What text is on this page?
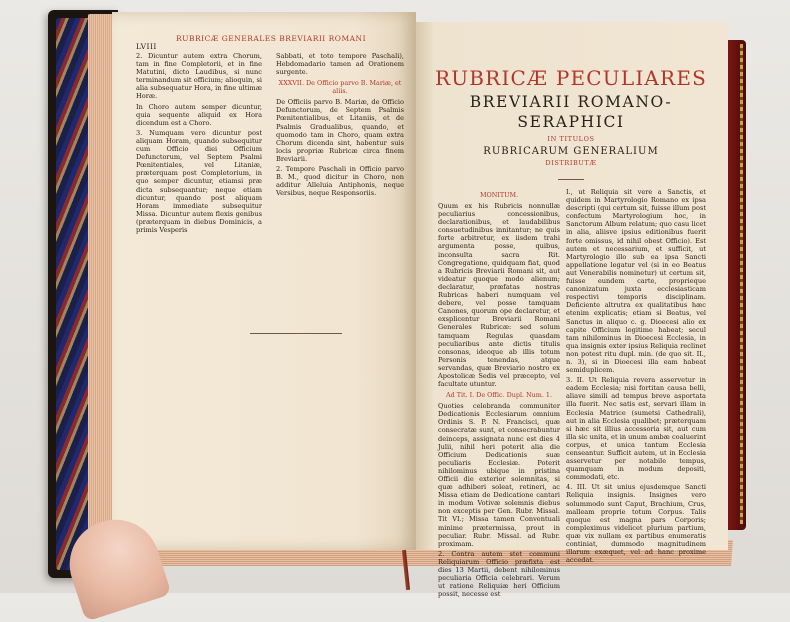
LVIII
RUBRICÆ GENERALES BREVIARII ROMANI
2. Dicuntur autem extra Chorum, tam in fine Completorii, et in fine Matutini, dicto Laudibus, si nunc terminandum sit officium; alioquin, si alia subsequatur Hora, in fine ultimæ Horæ.
In Choro autem semper dicuntur, quia sequente aliquid ex Hora dicendum est a Choro.
3. Numquam vero dicuntur post aliquam Horam, quando subsequitur cum Officio diei Officium Defunctorum, vel Septem Psalmi Pœnitentiales, vel Litaniæ, præterquam post Completorium, in quo semper dicuntur, etiamsi præ dicta subsequantur; neque etiam dicuntur, quando post aliquam Horam immediate subsequitur Missa. Dicuntur autem flexis genibus (præterquam in diebus Dominicis, a primis Vesperis
Sabbati, et toto tempore Paschali), Hebdomadario tamen ad Orationem surgente.
XXXVII. De Officio parvo B. Mariæ, et aliis.
De Officiis parvo B. Mariæ, de Officio Defunctorum, de Septem Psalmis Pœnitentialibus, et Litaniis, et de Psalmis Gradualibus, quando, et quomodo tam in Choro, quam extra Chorum dicenda sint, habentur suis locis propriæ Rubricæ circa finem Breviarii.
2. Tempore Paschali in Officio parvo B. M., quod dicitur in Choro, non additur Alleluia Antiphonis, neque Versibus, neque Responsoriis.
RUBRICÆ PECULIARES
BREVIARII ROMANO-SERAPHICI
IN TITULOS
RUBRICARUM GENERALIUM
DISTRIBUTÆ
MONITUM.
Quum ex his Rubricis nonnullæ peculiarius concessionibus, declarationibus, et laudabilibus consuetudinibus innitantur; ne quis forte arbitretur, ex iisdem trahi argumenta posse, quibus, inconsulta sacra Rit. Congregatione, quidquam fiat, quod a Rubricis Breviarii Romani sit, aut videatur quoque modo alienum; declaratur, præfatas nostras Rubricas haberi numquam vel debere, vel posse tamquam Canones, quorum ope declaretur, et exsplicentur Breviarii Romani Generales Rubricæ: sed solum tamquam Regulas quasdam peculiaribus ante dictis titulis consonas, ideoque ab illis totum Personis tenendas, atque servandas, quæ Breviario nostro ex Apostolicæ Sedis vel præcepto, vel facultate utuntur.
Ad Tit. I. De Offic. Dupl. Num. 1.
Quoties celebranda communiter Dedicationis Ecclesiarum omnium Ordinis S. P. N. Francisci, quæ consecratæ sunt, et consecrabuntur deinceps, assignata nunc est dies 4 Julii, nihil heri poterit alia die Officium Dedicationis suæ peculiaris Ecclesiæ. Poterit nihilominus ubique in pristina Officii die exterior solemnitas, si quæ adhiberi soleat, retineri, ac Missa etiam de Dedicatione cantari in modum Votivæ solemnis diebus non exceptis per Gen. Rubr. Missal. Tit VI.; Missa tamen Conventuali minime prætermissa, prout in peculiar. Rubr. Missal. ad Rubr. proximam.
2. Contra autem stet communi Reliquiarum Officio præfixta est dies 13 Martii, debent nihilominus peculiaria Officia celebrari. Verum ut ratione Reliquiæ heri Officium possit, necesse est
I., ut Reliquia sit vere a Sanctis, et quidem in Martyrologio Romano ex ipsa descripti (qui certum sit, fuisse illum post confectum Martyrologium hoc, in Sanctorum Album relatum; quo casu licet in alia, aliisve ipsius editionibus fuerit forte omissus, id nihil obest Officio). Est autem et necessarium, et sufficit, ut Martyrologio illo sub ea ipsa Sancti appellatione legatur vel (si in eo Beatus aut Venerabilis nominetur) ut certum sit, fuisse eundem carte, proprieque canonizatum juxta ecclesiasticam respectivi temporis disciplinam. Deficiente altrutra ex qualitatibus hæc etenim explicatis; etiam si Beatus, vel Sanctus in aliquo c. g. Dioecesi alio ex capite Officium legitime habeat; secul tam nihilominus in Dioecesi Ecclesia, in qua insignis exter ipsius Reliquia reclinet non potest ritu dupl. min. (de quo sit. II., n. 3), si in Dioecesi illa eam habeat semiduplicem.
3. II. Ut Reliquia revera asservetur in eadem Ecclesia; nisi fortitan causa belli, aliave simili ad tempus breve asportata illa fuerit. Nec satis est, servari illam in Ecclesia Matrice (sumetsi Cathedrali), aut in alia Ecclesia qualibet; præterquam si hæc sit illius accessoria sit, aut cum illa sic unita, et in unum ambæ coaluerint corpus, et unica tantum Ecclesia censeantur. Sufficit autem, ut in Ecclesia asservetur per notabile tempus, quamquam in modum depositi, commodati, etc.
4. III. Ut sit unius ejusdemque Sancti Reliquia insignis. Insignes vero solummodo sunt Caput, Brachium, Crus, malleam proprie totum Corpus. Talis quoque est magna pars Corporis; compleximus videlicet plurium partium, quæ vix nullam ex partibus enumeratis continiat, dummodo magnitudinem illarum exæquet, vel ad hanc proxime accedat.
